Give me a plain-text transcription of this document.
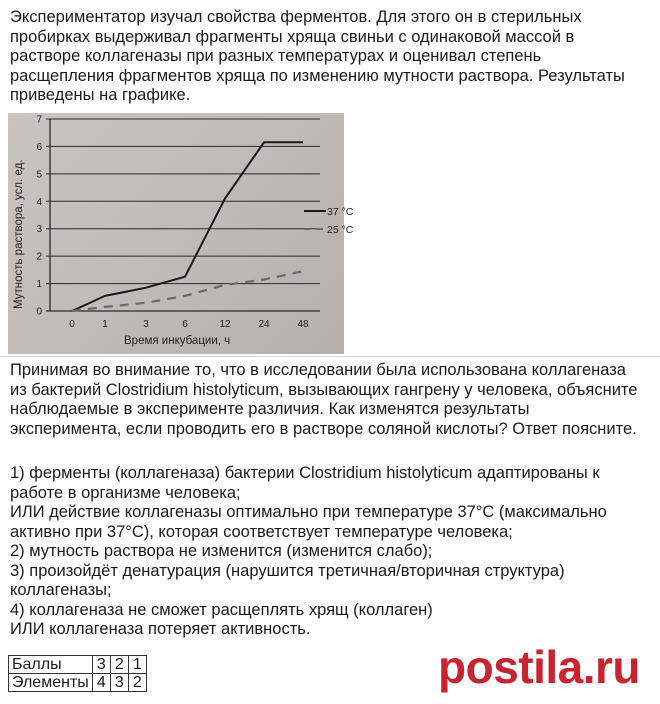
Экспериментатор изучал свойства ферментов. Для этого он в стерильных
пробирках выдерживал фрагменты хряща свиньи с одинаковой массой в
растворе коллагеназы при разных температурах и оценивал степень
расщепления фрагментов хряща по изменению мутности раствора. Результаты
приведены на графике.

0
1
2
3
4
5
6
7
0	1	3	6	12	24	48
37 °С
25 °С
Мутность раствора, усл. ед.
Время инкубации, ч

Принимая во внимание то, что в исследовании была использована коллагеназа
из бактерий Clostridium histolyticum, вызывающих гангрену у человека, объясните
наблюдаемые в эксперименте различия. Как изменятся результаты
эксперимента, если проводить его в растворе соляной кислоты? Ответ поясните.

1) ферменты (коллагеназа) бактерии Clostridium histolyticum адаптированы к
работе в организме человека;
ИЛИ действие коллагеназы оптимально при температуре 37°С (максимально
активно при 37°С), которая соответствует температуре человека;
2) мутность раствора не изменится (изменится слабо);
3) произойдёт денатурация (нарушится третичная/вторичная структура)
коллагеназы;
4) коллагеназа не сможет расщеплять хрящ (коллаген)
ИЛИ коллагеназа потеряет активность.

Баллы	3	2	1
Элементы	4	3	2	postila.ru
